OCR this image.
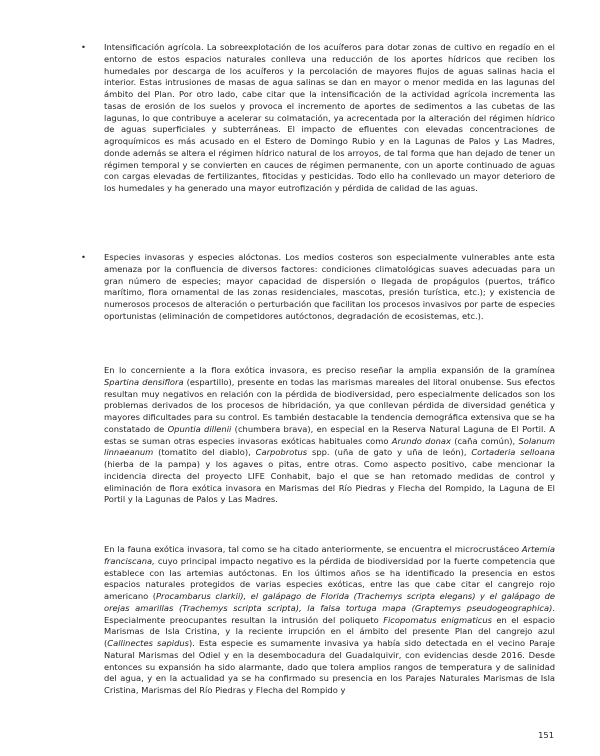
•	Intensificación agrícola. La sobreexplotación de los acuíferos para dotar zonas de cultivo en regadío en el entorno de estos espacios naturales conlleva una reducción de los aportes hídricos que reciben los humedales por descarga de los acuíferos y la percolación de mayores flujos de aguas salinas hacia el interior. Estas intrusiones de masas de agua salinas se dan en mayor o menor medida en las lagunas del ámbito del Plan. Por otro lado, cabe citar que la intensificación de la actividad agrícola incrementa las tasas de erosión de los suelos y provoca el incremento de aportes de sedimentos a las cubetas de las lagunas, lo que contribuye a acelerar su colmatación, ya acrecentada por la alteración del régimen hídrico de aguas superficiales y subterráneas. El impacto de efluentes con elevadas concentraciones de agroquímicos es más acusado en el Estero de Domingo Rubio y en la Lagunas de Palos y Las Madres, donde además se altera el régimen hídrico natural de los arroyos, de tal forma que han dejado de tener un régimen temporal y se convierten en cauces de régimen permanente, con un aporte continuado de aguas con cargas elevadas de fertilizantes, fitocidas y pesticidas. Todo ello ha conllevado un mayor deterioro de los humedales y ha generado una mayor eutrofización y pérdida de calidad de las aguas.
•	Especies invasoras y especies alóctonas. Los medios costeros son especialmente vulnerables ante esta amenaza por la confluencia de diversos factores: condiciones climatológicas suaves adecuadas para un gran número de especies; mayor capacidad de dispersión o llegada de propágulos (puertos, tráfico marítimo, flora ornamental de las zonas residenciales, mascotas, presión turística, etc.); y existencia de numerosos procesos de alteración o perturbación que facilitan los procesos invasivos por parte de especies oportunistas (eliminación de competidores autóctonos, degradación de ecosistemas, etc.).

En lo concerniente a la flora exótica invasora, es preciso reseñar la amplia expansión de la gramínea Spartina densiflora (espartillo), presente en todas las marismas mareales del litoral onubense. Sus efectos resultan muy negativos en relación con la pérdida de biodiversidad, pero especialmente delicados son los problemas derivados de los procesos de hibridación, ya que conllevan pérdida de diversidad genética y mayores dificultades para su control. Es también destacable la tendencia demográfica extensiva que se ha constatado de Opuntia dillenii (chumbera brava), en especial en la Reserva Natural Laguna de El Portil. A estas se suman otras especies invasoras exóticas habituales como Arundo donax (caña común), Solanum linnaeanum (tomatito del diablo), Carpobrotus spp. (uña de gato y uña de león), Cortaderia selloana (hierba de la pampa) y los agaves o pitas, entre otras. Como aspecto positivo, cabe mencionar la incidencia directa del proyecto LIFE Conhabit, bajo el que se han retomado medidas de control y eliminación de flora exótica invasora en Marismas del Río Piedras y Flecha del Rompido, la Laguna de El Portil y la Lagunas de Palos y Las Madres.

En la fauna exótica invasora, tal como se ha citado anteriormente, se encuentra el microcrustáceo Artemia franciscana, cuyo principal impacto negativo es la pérdida de biodiversidad por la fuerte competencia que establece con las artemias autóctonas. En los últimos años se ha identificado la presencia en estos espacios naturales protegidos de varias especies exóticas, entre las que cabe citar el cangrejo rojo americano (Procambarus clarkii), el galápago de Florida (Trachemys scripta elegans) y el galápago de orejas amarillas (Trachemys scripta scripta), la falsa tortuga mapa (Graptemys pseudogeographica). Especialmente preocupantes resultan la intrusión del poliqueto Ficopomatus enigmaticus en el espacio Marismas de Isla Cristina, y la reciente irrupción en el ámbito del presente Plan del cangrejo azul (Callinectes sapidus). Esta especie es sumamente invasiva ya había sido detectada en el vecino Paraje Natural Marismas del Odiel y en la desembocadura del Guadalquivir, con evidencias desde 2016. Desde entonces su expansión ha sido alarmante, dado que tolera amplios rangos de temperatura y de salinidad del agua, y en la actualidad ya se ha confirmado su presencia en los Parajes Naturales Marismas de Isla Cristina, Marismas del Río Piedras y Flecha del Rompido y

151
